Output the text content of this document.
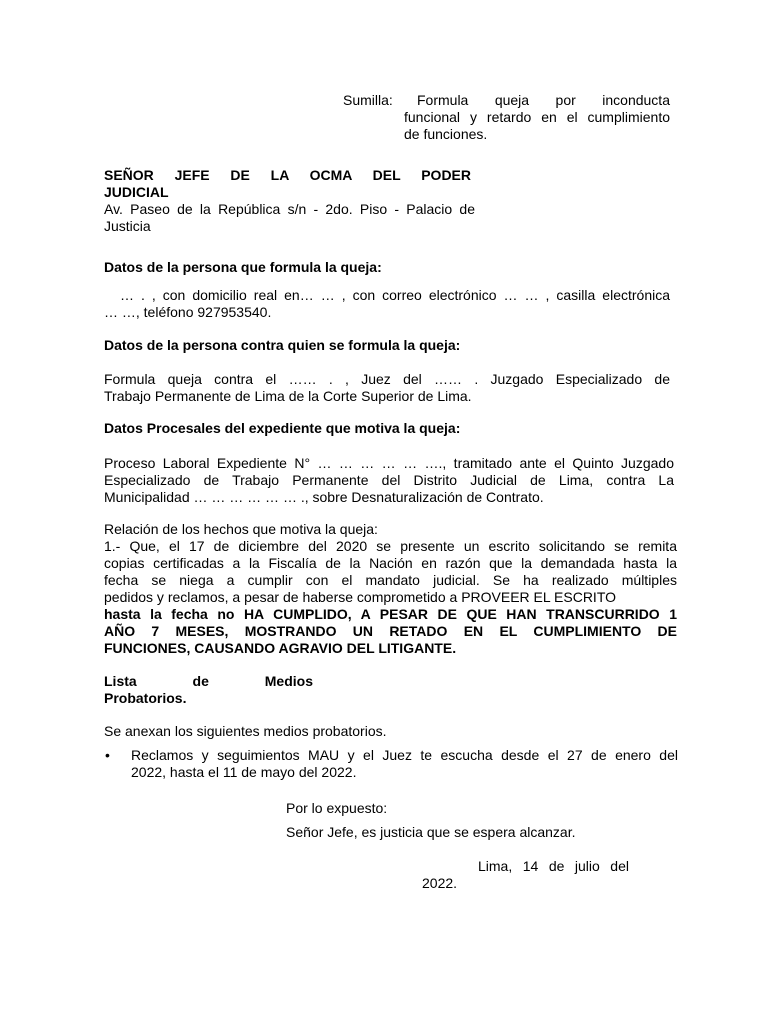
Sumilla: Formula queja por inconducta

funcional y retardo en el cumplimiento

de funciones.

SEÑOR JEFE DE LA OCMA DEL PODER

JUDICIAL

Av. Paseo de la República s/n - 2do. Piso - Palacio de

Justicia

Datos de la persona que formula la queja:

… . , con domicilio real en… … , con correo electrónico … … , casilla electrónica

… …, teléfono 927953540.

Datos de la persona contra quien se formula la queja:

Formula queja contra el …… . , Juez del …… . Juzgado Especializado de

Trabajo Permanente de Lima de la Corte Superior de Lima.

Datos Procesales del expediente que motiva la queja:

Proceso Laboral Expediente N° … … … … … …., tramitado ante el Quinto Juzgado

Especializado de Trabajo Permanente del Distrito Judicial de Lima, contra La

Municipalidad … … … … … … ., sobre Desnaturalización de Contrato.

Relación de los hechos que motiva la queja:

1.- Que, el 17 de diciembre del 2020 se presente un escrito solicitando se remita

copias certificadas a la Fiscalía de la Nación en razón que la demandada hasta la

fecha se niega a cumplir con el mandato judicial. Se ha realizado múltiples

pedidos y reclamos, a pesar de haberse comprometido a PROVEER EL ESCRITO

hasta la fecha no HA CUMPLIDO, A PESAR DE QUE HAN TRANSCURRIDO 1

AÑO 7 MESES, MOSTRANDO UN RETADO EN EL CUMPLIMIENTO DE

FUNCIONES, CAUSANDO AGRAVIO DEL LITIGANTE.

Lista de Medios

Probatorios.

Se anexan los siguientes medios probatorios.

• Reclamos y seguimientos MAU y el Juez te escucha desde el 27 de enero del

2022, hasta el 11 de mayo del 2022.

Por lo expuesto:

Señor Jefe, es justicia que se espera alcanzar.

Lima, 14 de julio del

2022.
